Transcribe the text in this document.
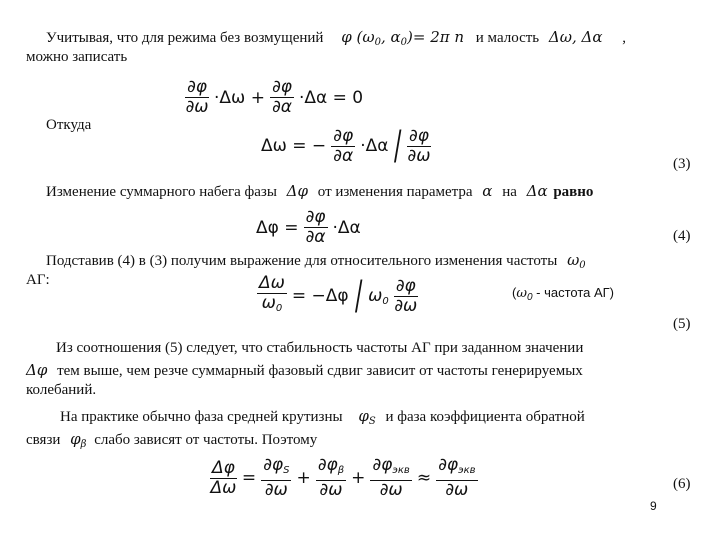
Учитывая, что для режима без возмущений φ ($\omega_0$, $\alpha_0)= 2\pi$ n и малость Δω, Δα ,
можно записать
$\frac{\partial\varphi}{\partial\omega} \cdot\Delta\omega + \frac{\partial\varphi}{\partial\alpha} \cdot\Delta\alpha = 0$
Откуда
Δω = − $\frac{\partial\varphi}{\partial\alpha} \cdot\Delta\alpha / \frac{\partial\varphi}{\partial\omega}$	(3)
Изменение суммарного набега фазы Δφ от изменения параметра α на Δα равно
$\Delta\varphi = \frac{\partial\varphi}{\partial\alpha} \cdot\Delta\alpha$	(4)
Подставив (4) в (3) получим выражение для относительного изменения частоты $\omega_0$
АГ:	$\frac{\Delta\omega}{\omega_0} = -\Delta\varphi / \omega_0 \frac{\partial\varphi}{\partial\omega}$	($\omega_0$ - частота АГ)
(5)
Из соотношения (5) следует, что стабильность частоты АГ при заданном значении
Δφ тем выше, чем резче суммарный фазовый сдвиг зависит от частоты генерируемых
колебаний.
На практике обычно фаза средней крутизны $\varphi_S$ и фаза коэффициента обратной
связи $\varphi_\beta$ слабо зависят от частоты. Поэтому
$\frac{\Delta\varphi}{\Delta\omega} = \frac{\partial\varphi_S}{\partial\omega} + \frac{\partial\varphi_\beta}{\partial\omega} + \frac{\partial\varphi_{экв}}{\partial\omega} \approx \frac{\partial\varphi_{экв}}{\partial\omega}$	(6)
9
